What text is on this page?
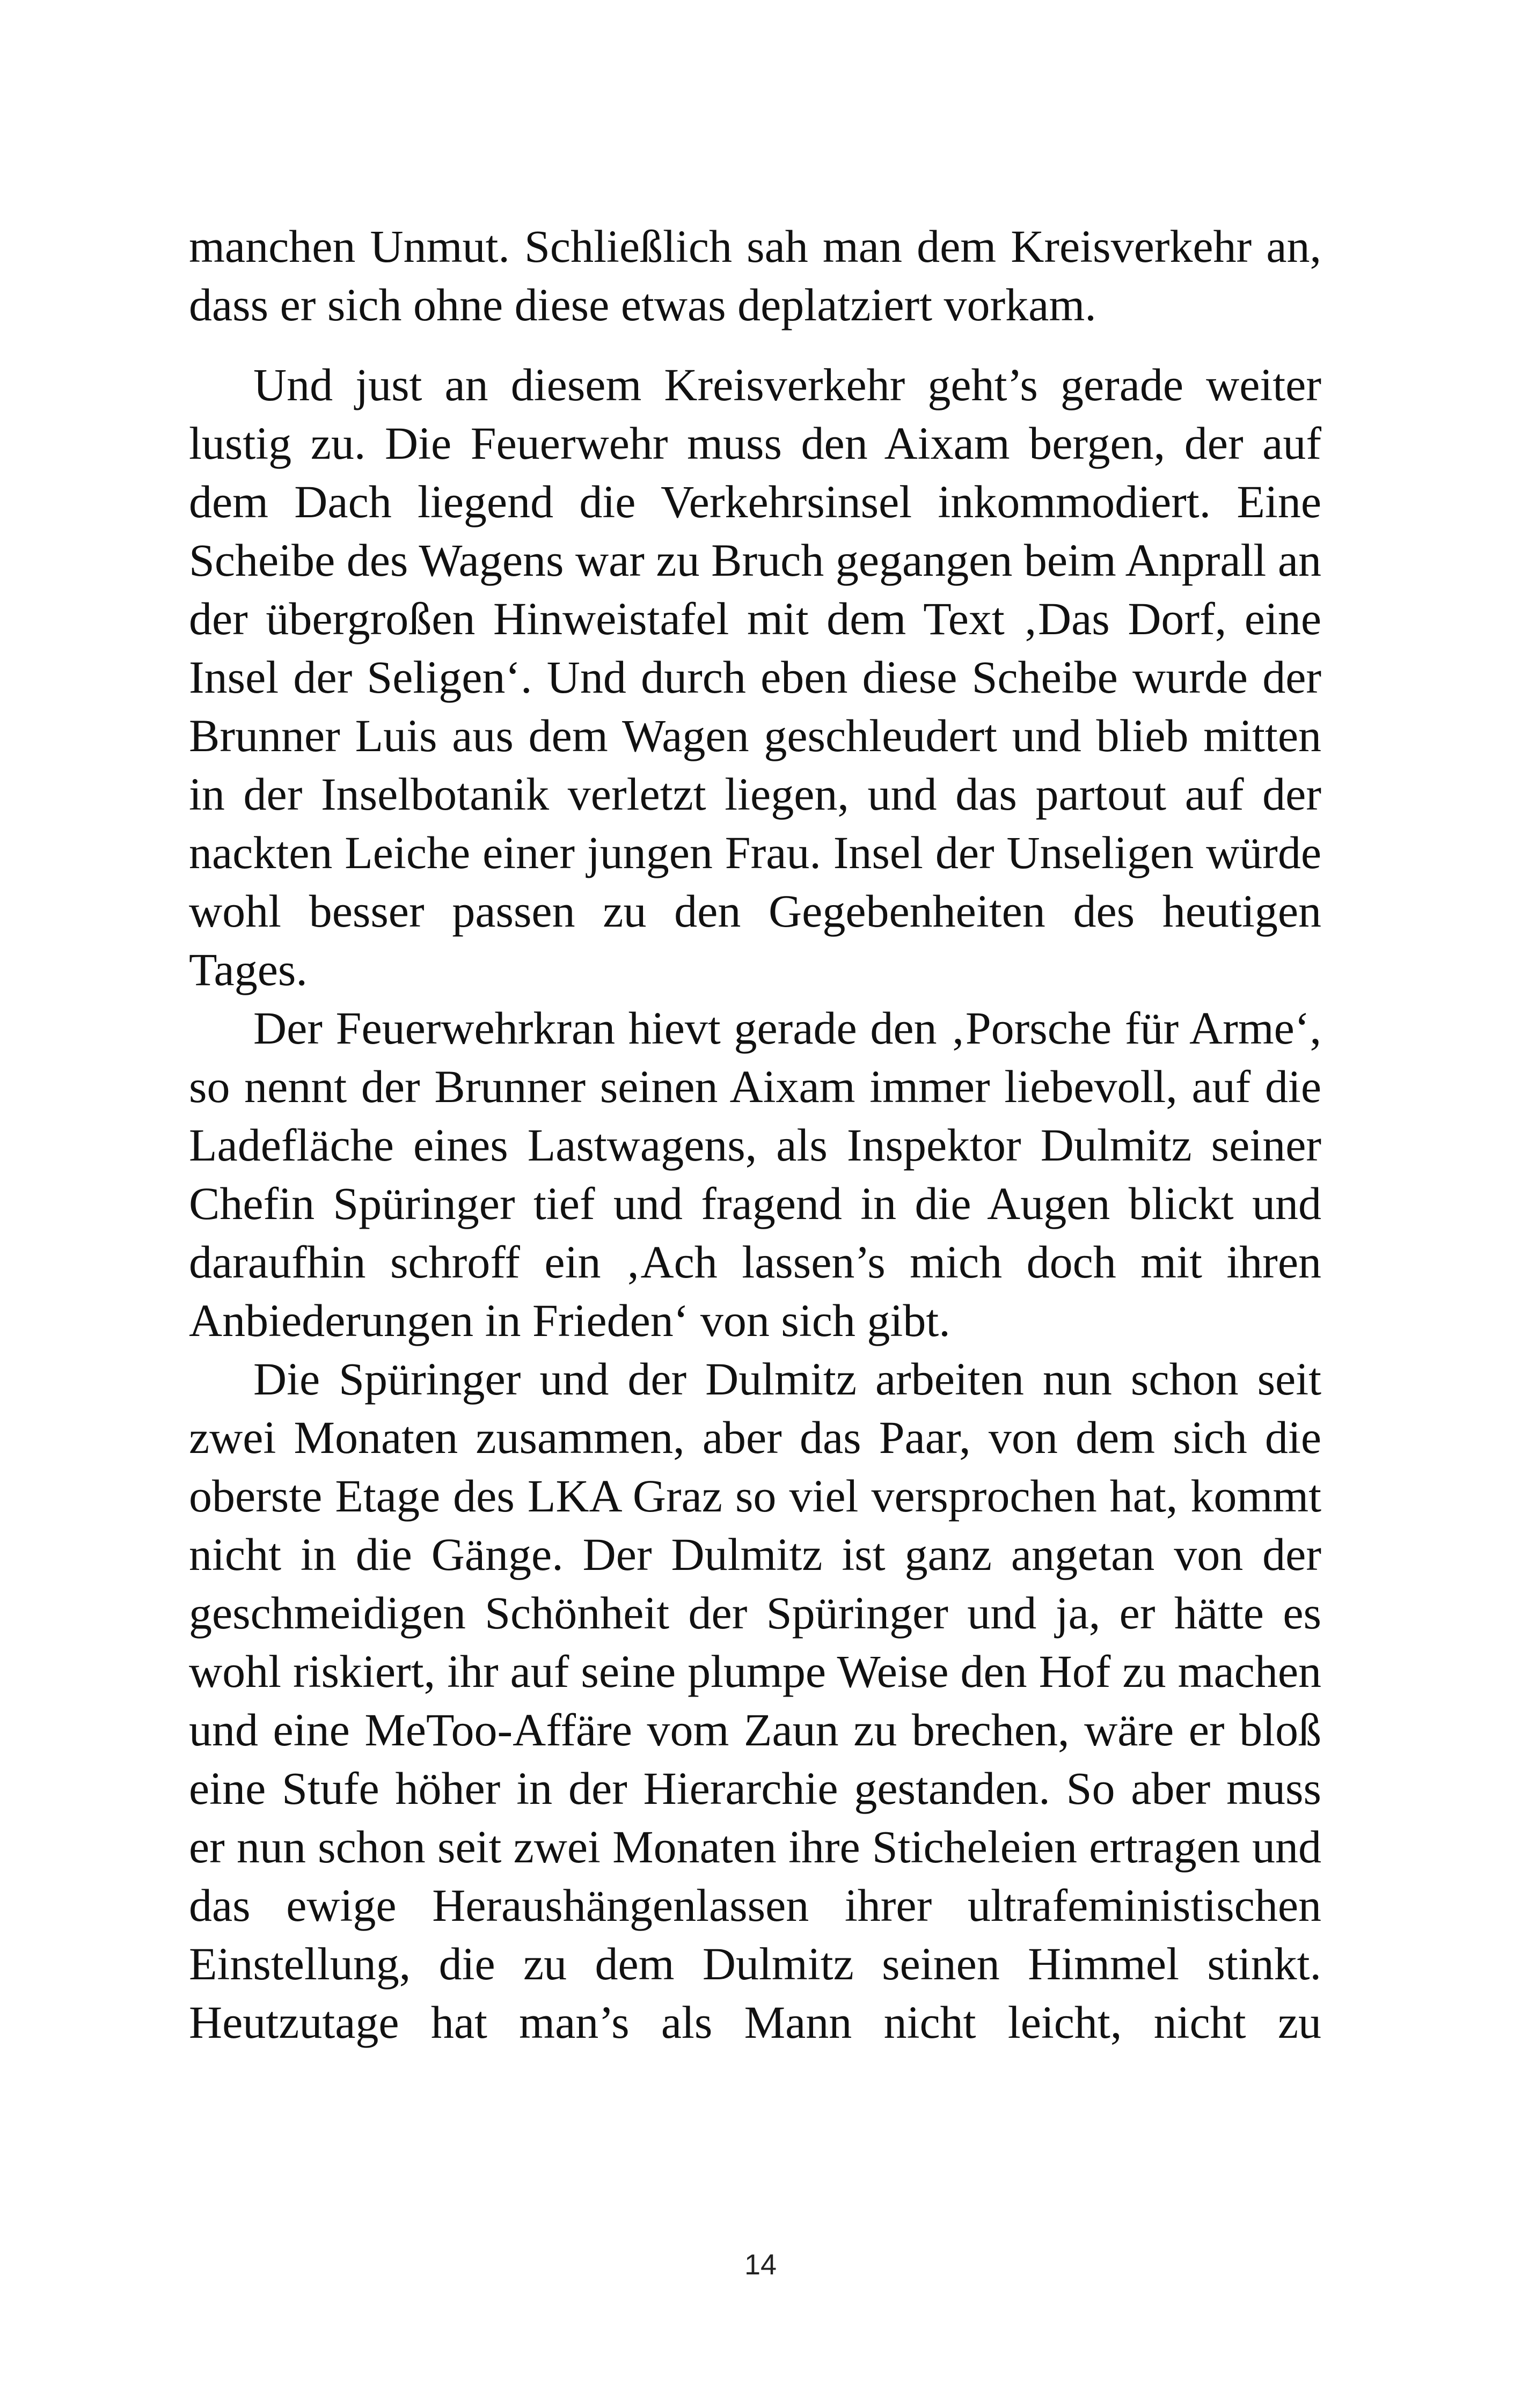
manchen Unmut. Schließlich sah man dem Kreisverkehr an,
dass er sich ohne diese etwas deplatziert vorkam.
Und just an diesem Kreisverkehr geht’s gerade weiter
lustig zu. Die Feuerwehr muss den Aixam bergen, der auf
dem Dach liegend die Verkehrsinsel inkommodiert. Eine
Scheibe des Wagens war zu Bruch gegangen beim Anprall an
der übergroßen Hinweistafel mit dem Text ‚Das Dorf, eine
Insel der Seligen‘. Und durch eben diese Scheibe wurde der
Brunner Luis aus dem Wagen geschleudert und blieb mitten
in der Inselbotanik verletzt liegen, und das partout auf der
nackten Leiche einer jungen Frau. Insel der Unseligen würde
wohl besser passen zu den Gegebenheiten des heutigen
Tages.
Der Feuerwehrkran hievt gerade den ‚Porsche für Arme‘,
so nennt der Brunner seinen Aixam immer liebevoll, auf die
Ladefläche eines Lastwagens, als Inspektor Dulmitz seiner
Chefin Spüringer tief und fragend in die Augen blickt und
daraufhin schroff ein ‚Ach lassen’s mich doch mit ihren
Anbiederungen in Frieden‘ von sich gibt.
Die Spüringer und der Dulmitz arbeiten nun schon seit
zwei Monaten zusammen, aber das Paar, von dem sich die
oberste Etage des LKA Graz so viel versprochen hat, kommt
nicht in die Gänge. Der Dulmitz ist ganz angetan von der
geschmeidigen Schönheit der Spüringer und ja, er hätte es
wohl riskiert, ihr auf seine plumpe Weise den Hof zu machen
und eine MeToo-Affäre vom Zaun zu brechen, wäre er bloß
eine Stufe höher in der Hierarchie gestanden. So aber muss
er nun schon seit zwei Monaten ihre Sticheleien ertragen und
das ewige Heraushängenlassen ihrer ultrafeministischen
Einstellung, die zu dem Dulmitz seinen Himmel stinkt.
Heutzutage hat man’s als Mann nicht leicht, nicht zu
14
